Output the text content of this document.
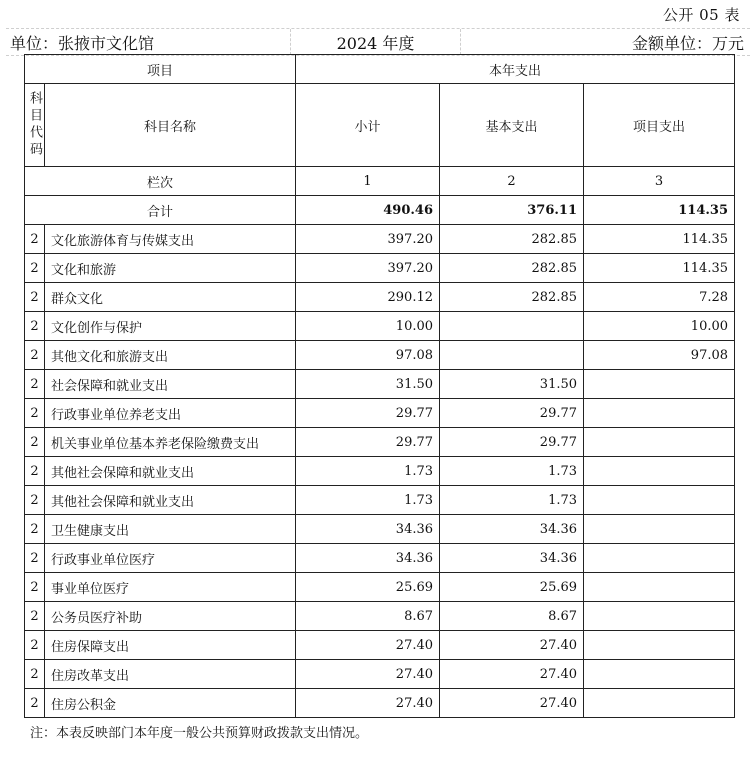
公开 05 表
单位：张掖市文化馆	2024 年度	金额单位：万元
项目		本年支出		

科目代码	科目名称	小计	基本支出	项目支出
栏次		1	2	3
合计		490.46	376.11	114.35
2	文化旅游体育与传媒支出	397.20	282.85	114.35
2	文化和旅游	397.20	282.85	114.35
2	群众文化	290.12	282.85	7.28
2	文化创作与保护	10.00		10.00
2	其他文化和旅游支出	97.08		97.08
2	社会保障和就业支出	31.50	31.50	
2	行政事业单位养老支出	29.77	29.77	
2	机关事业单位基本养老保险缴费支出	29.77	29.77	
2	其他社会保障和就业支出	1.73	1.73	
2	其他社会保障和就业支出	1.73	1.73	
2	卫生健康支出	34.36	34.36	
2	行政事业单位医疗	34.36	34.36	
2	事业单位医疗	25.69	25.69	
2	公务员医疗补助	8.67	8.67	
2	住房保障支出	27.40	27.40	
2	住房改革支出	27.40	27.40	
2	住房公积金	27.40	27.40	
注：本表反映部门本年度一般公共预算财政拨款支出情况。
